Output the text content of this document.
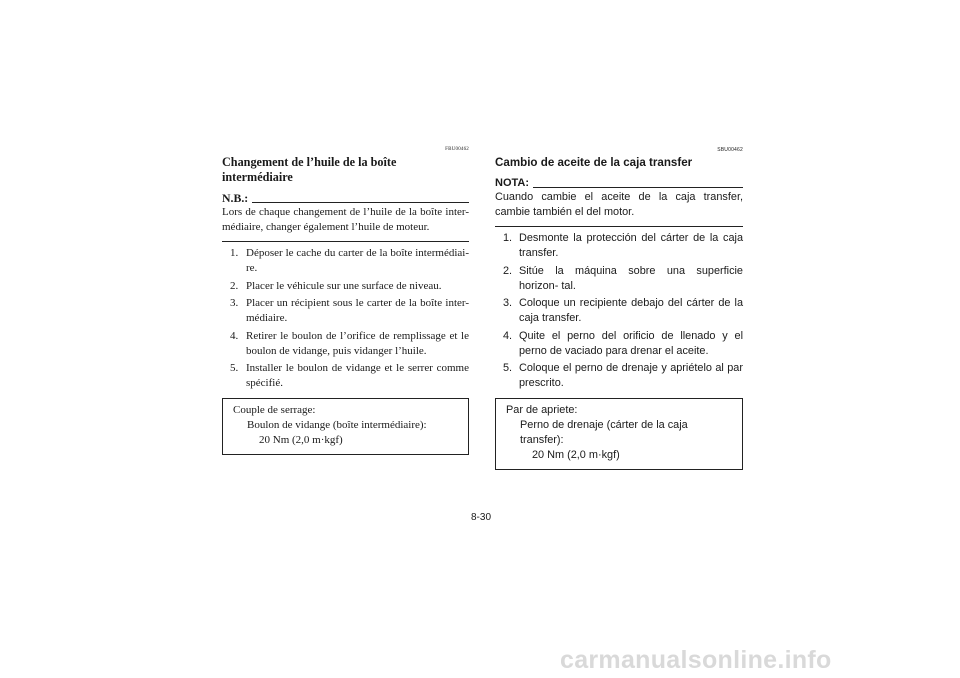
FBU00462
Changement de l’huile de la boîte intermédiaire
N.B.:
Lors de chaque changement de l’huile de la boîte inter- médiaire, changer également l’huile de moteur.
1. Déposer le cache du carter de la boîte intermédiai- re.
2. Placer le véhicule sur une surface de niveau.
3. Placer un récipient sous le carter de la boîte inter- médiaire.
4. Retirer le boulon de l’orifice de remplissage et le boulon de vidange, puis vidanger l’huile.
5. Installer le boulon de vidange et le serrer comme spécifié.
Couple de serrage:
Boulon de vidange (boîte intermédiaire):
20 Nm (2,0 m·kgf)
SBU00462
Cambio de aceite de la caja transfer
NOTA:
Cuando cambie el aceite de la caja transfer, cambie también el del motor.
1. Desmonte la protección del cárter de la caja transfer.
2. Sitúe la máquina sobre una superficie horizon- tal.
3. Coloque un recipiente debajo del cárter de la caja transfer.
4. Quite el perno del orificio de llenado y el perno de vaciado para drenar el aceite.
5. Coloque el perno de drenaje y apriételo al par prescrito.
Par de apriete:
Perno de drenaje (cárter de la caja transfer):
20 Nm (2,0 m·kgf)
8-30
carmanualsonline.info
